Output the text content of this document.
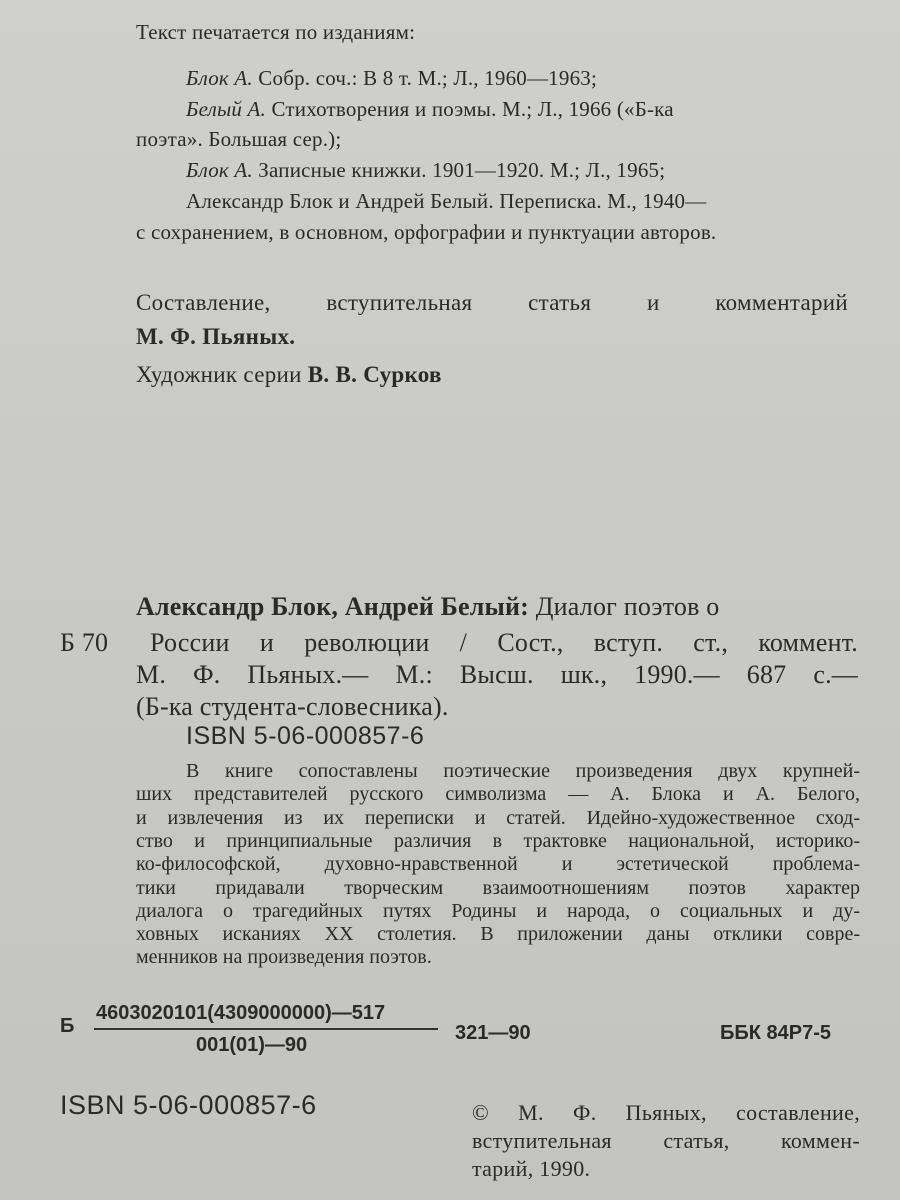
Текст печатается по изданиям:
Блок А. Собр. соч.: В 8 т. М.; Л., 1960—1963;
Белый А. Стихотворения и поэмы. М.; Л., 1966 («Б-ка
поэта». Большая сер.);
Блок А. Записные книжки. 1901—1920. М.; Л., 1965;
Александр Блок и Андрей Белый. Переписка. М., 1940—
с сохранением, в основном, орфографии и пунктуации авторов.
Составление, вступительная статья и комментарий
М. Ф. Пьяных.
Художник серии В. В. Сурков
Александр Блок, Андрей Белый: Диалог поэтов о
Б 70 России и революции / Сост., вступ. ст., коммент.
М. Ф. Пьяных.— М.: Высш. шк., 1990.— 687 с.—
(Б-ка студента-словесника).
ISBN 5-06-000857-6
В книге сопоставлены поэтические произведения двух крупней-
ших представителей русского символизма — А. Блока и А. Белого,
и извлечения из их переписки и статей. Идейно-художественное сход-
ство и принципиальные различия в трактовке национальной, историко-
ко-философской, духовно-нравственной и эстетической проблема-
тики придавали творческим взаимоотношениям поэтов характер
диалога о трагедийных путях Родины и народа, о социальных и ду-
ховных исканиях XX столетия. В приложении даны отклики совре-
менников на произведения поэтов.
Б
4603020101(4309000000)—517
001(01)—90
321—90	ББК 84Р7-5
ISBN 5-06-000857-6	© М. Ф. Пьяных, составление,
вступительная статья, коммен-
тарий, 1990.
